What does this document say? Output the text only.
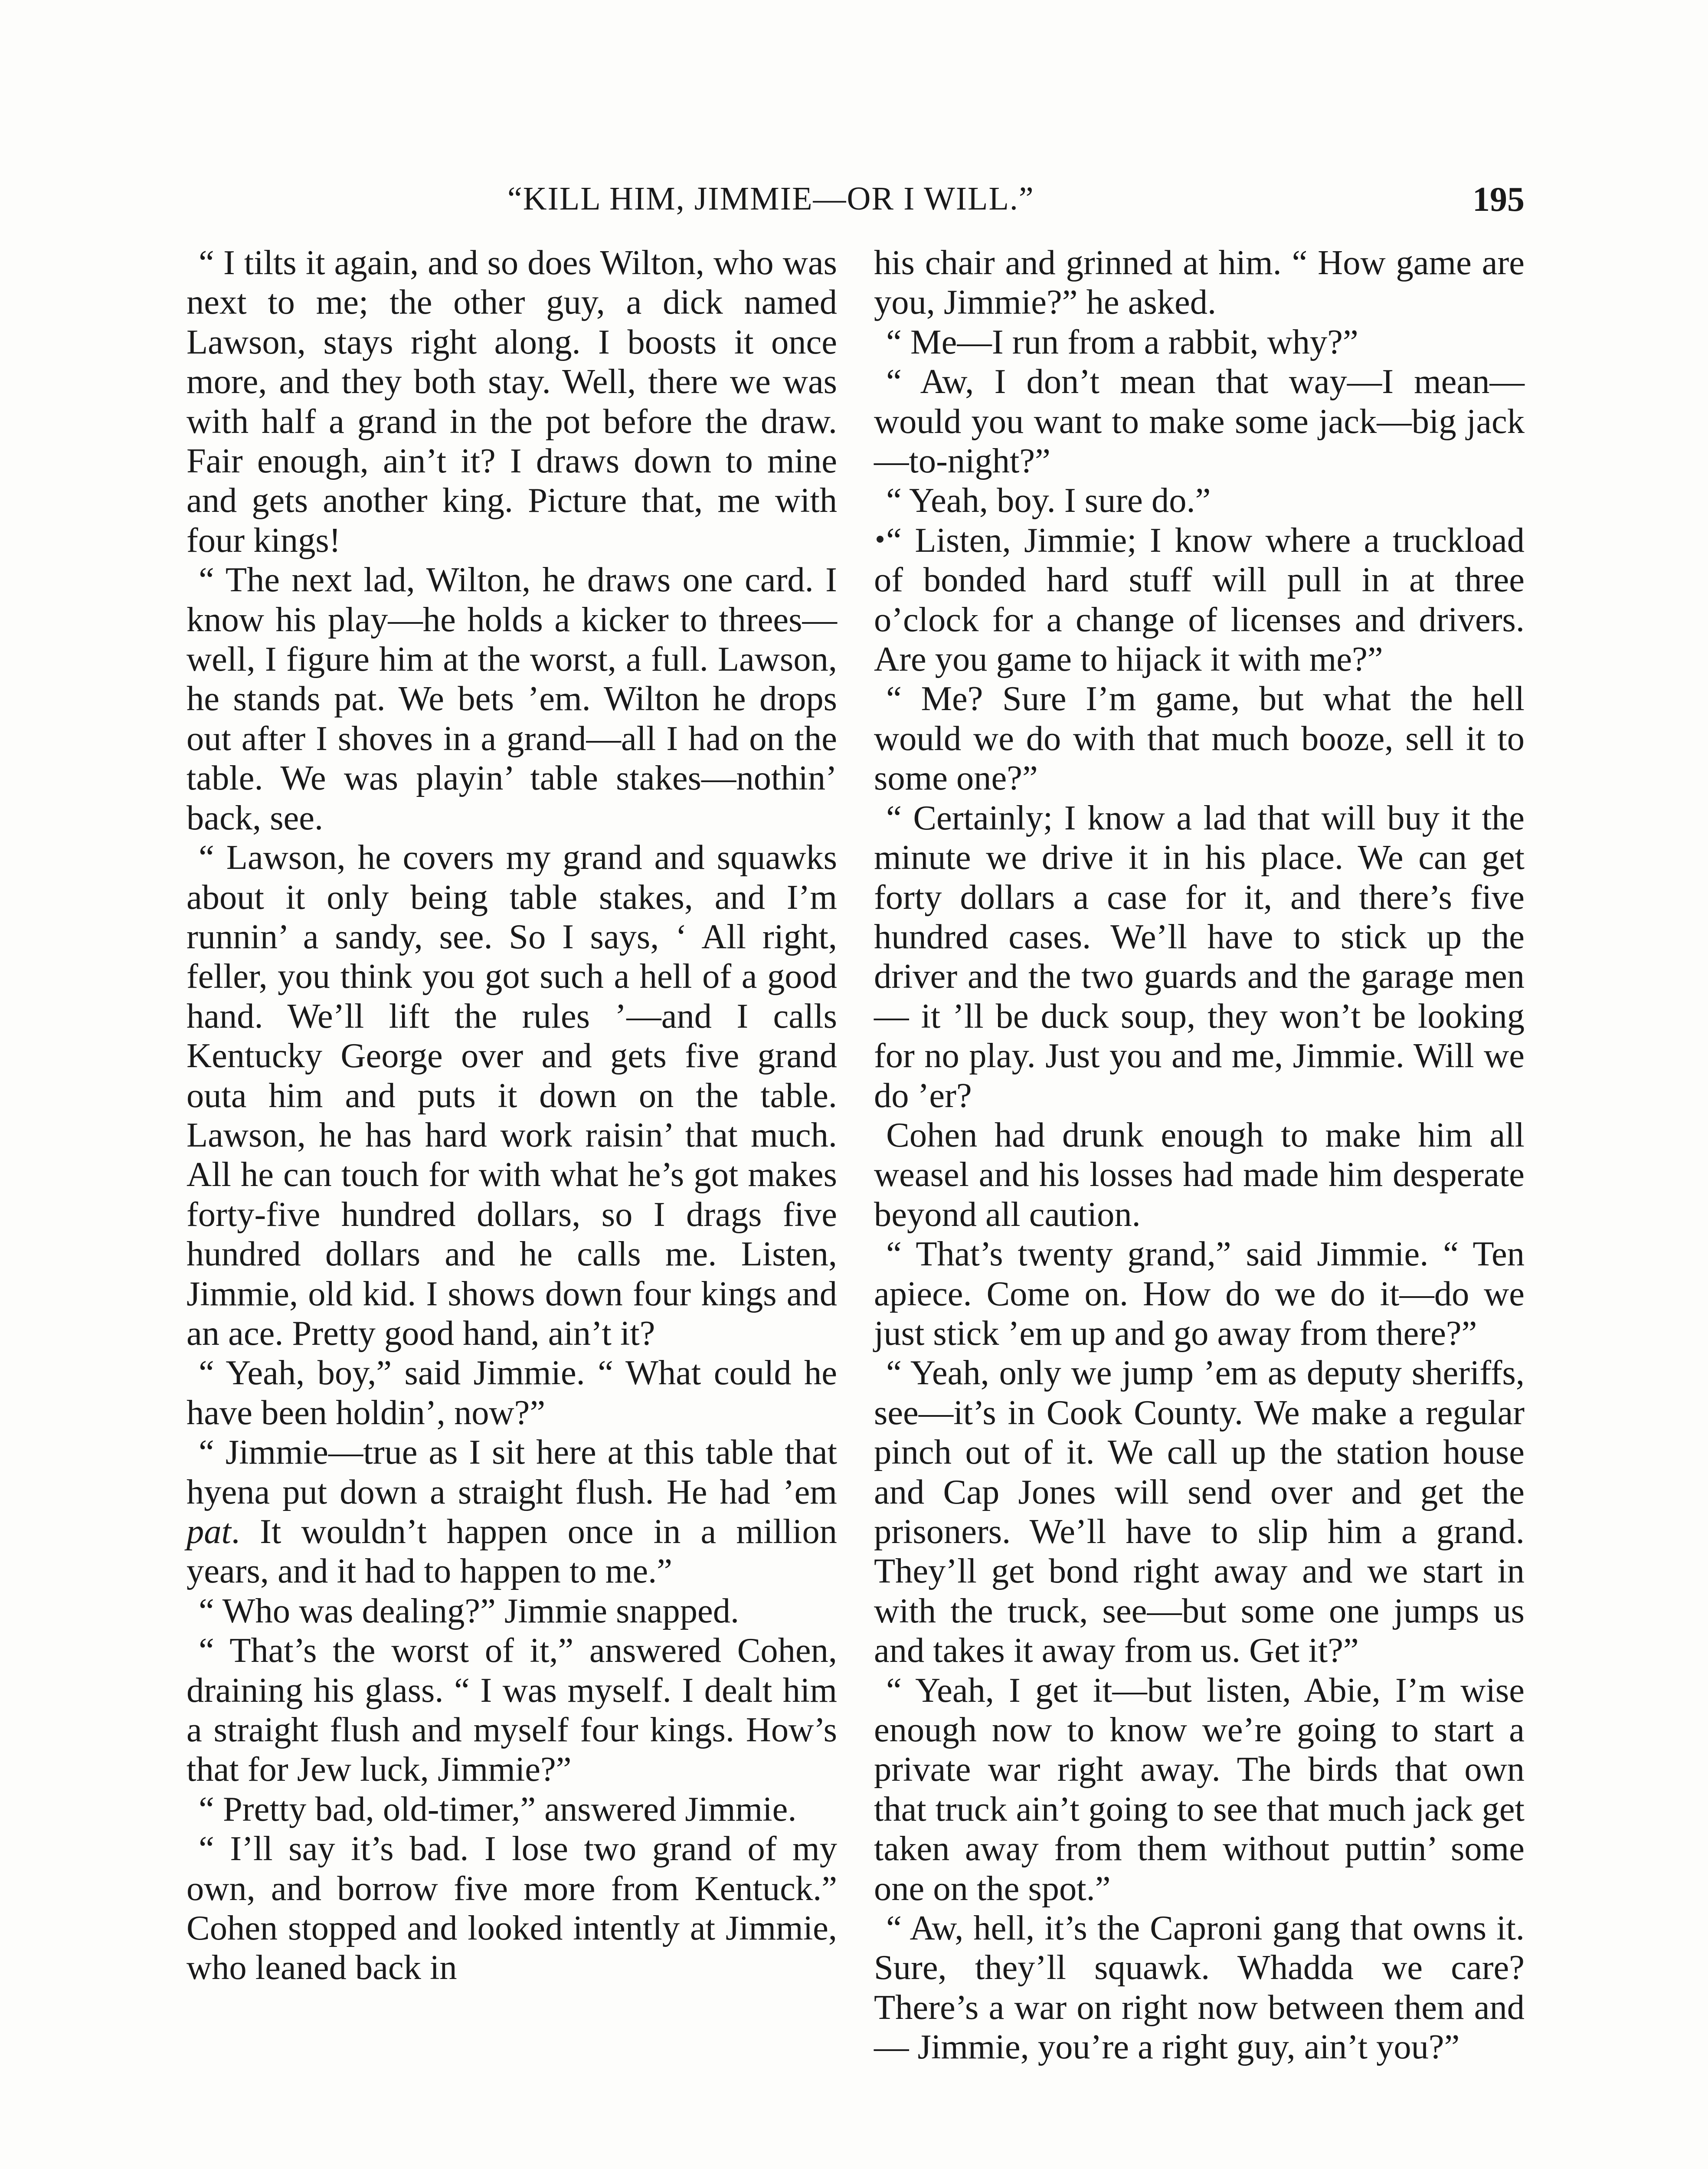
“KILL HIM, JIMMIE—OR I WILL.”	195

“ I tilts it again, and so does Wilton, who was next to me; the other guy, a dick named Lawson, stays right along. I boosts it once more, and they both stay. Well, there we was with half a grand in the pot before the draw. Fair enough, ain’t it? I draws down to mine and gets another king. Picture that, me with four kings!

“ The next lad, Wilton, he draws one card. I know his play—he holds a kicker to threes—well, I figure him at the worst, a full. Lawson, he stands pat. We bets ’em. Wilton he drops out after I shoves in a grand—all I had on the table. We was playin’ table stakes—nothin’ back, see.

“ Lawson, he covers my grand and squawks about it only being table stakes, and I’m runnin’ a sandy, see. So I says, ‘ All right, feller, you think you got such a hell of a good hand. We’ll lift the rules ’—and I calls Kentucky George over and gets five grand outa him and puts it down on the table. Lawson, he has hard work raisin’ that much. All he can touch for with what he’s got makes forty-five hundred dollars, so I drags five hundred dollars and he calls me. Listen, Jimmie, old kid. I shows down four kings and an ace. Pretty good hand, ain’t it?

“ Yeah, boy,” said Jimmie. “ What could he have been holdin’, now?”

“ Jimmie—true as I sit here at this table that hyena put down a straight flush. He had ’em pat. It wouldn’t happen once in a million years, and it had to happen to me.”

“ Who was dealing?” Jimmie snapped.

“ That’s the worst of it,” answered Cohen, draining his glass. “ I was myself. I dealt him a straight flush and myself four kings. How’s that for Jew luck, Jimmie?”

“ Pretty bad, old-timer,” answered Jimmie.

“ I’ll say it’s bad. I lose two grand of my own, and borrow five more from Kentuck.” Cohen stopped and looked intently at Jimmie, who leaned back in

his chair and grinned at him. “ How game are you, Jimmie?” he asked.

“ Me—I run from a rabbit, why?”

“ Aw, I don’t mean that way—I mean—would you want to make some jack—big jack—to-night?”

“ Yeah, boy. I sure do.”

“ Listen, Jimmie; I know where a truckload of bonded hard stuff will pull in at three o’clock for a change of licenses and drivers. Are you game to hijack it with me?”

“ Me? Sure I’m game, but what the hell would we do with that much booze, sell it to some one?”

“ Certainly; I know a lad that will buy it the minute we drive it in his place. We can get forty dollars a case for it, and there’s five hundred cases. We’ll have to stick up the driver and the two guards and the garage men— it ’ll be duck soup, they won’t be looking for no play. Just you and me, Jimmie. Will we do ’er?

Cohen had drunk enough to make him all weasel and his losses had made him desperate beyond all caution.

“ That’s twenty grand,” said Jimmie. “ Ten apiece. Come on. How do we do it—do we just stick ’em up and go away from there?”

“ Yeah, only we jump ’em as deputy sheriffs, see—it’s in Cook County. We make a regular pinch out of it. We call up the station house and Cap Jones will send over and get the prisoners. We’ll have to slip him a grand. They’ll get bond right away and we start in with the truck, see—but some one jumps us and takes it away from us. Get it?”

“ Yeah, I get it—but listen, Abie, I’m wise enough now to know we’re going to start a private war right away. The birds that own that truck ain’t going to see that much jack get taken away from them without puttin’ some one on the spot.”

“ Aw, hell, it’s the Caproni gang that owns it. Sure, they’ll squawk. Whadda we care? There’s a war on right now between them and— Jimmie, you’re a right guy, ain’t you?”
